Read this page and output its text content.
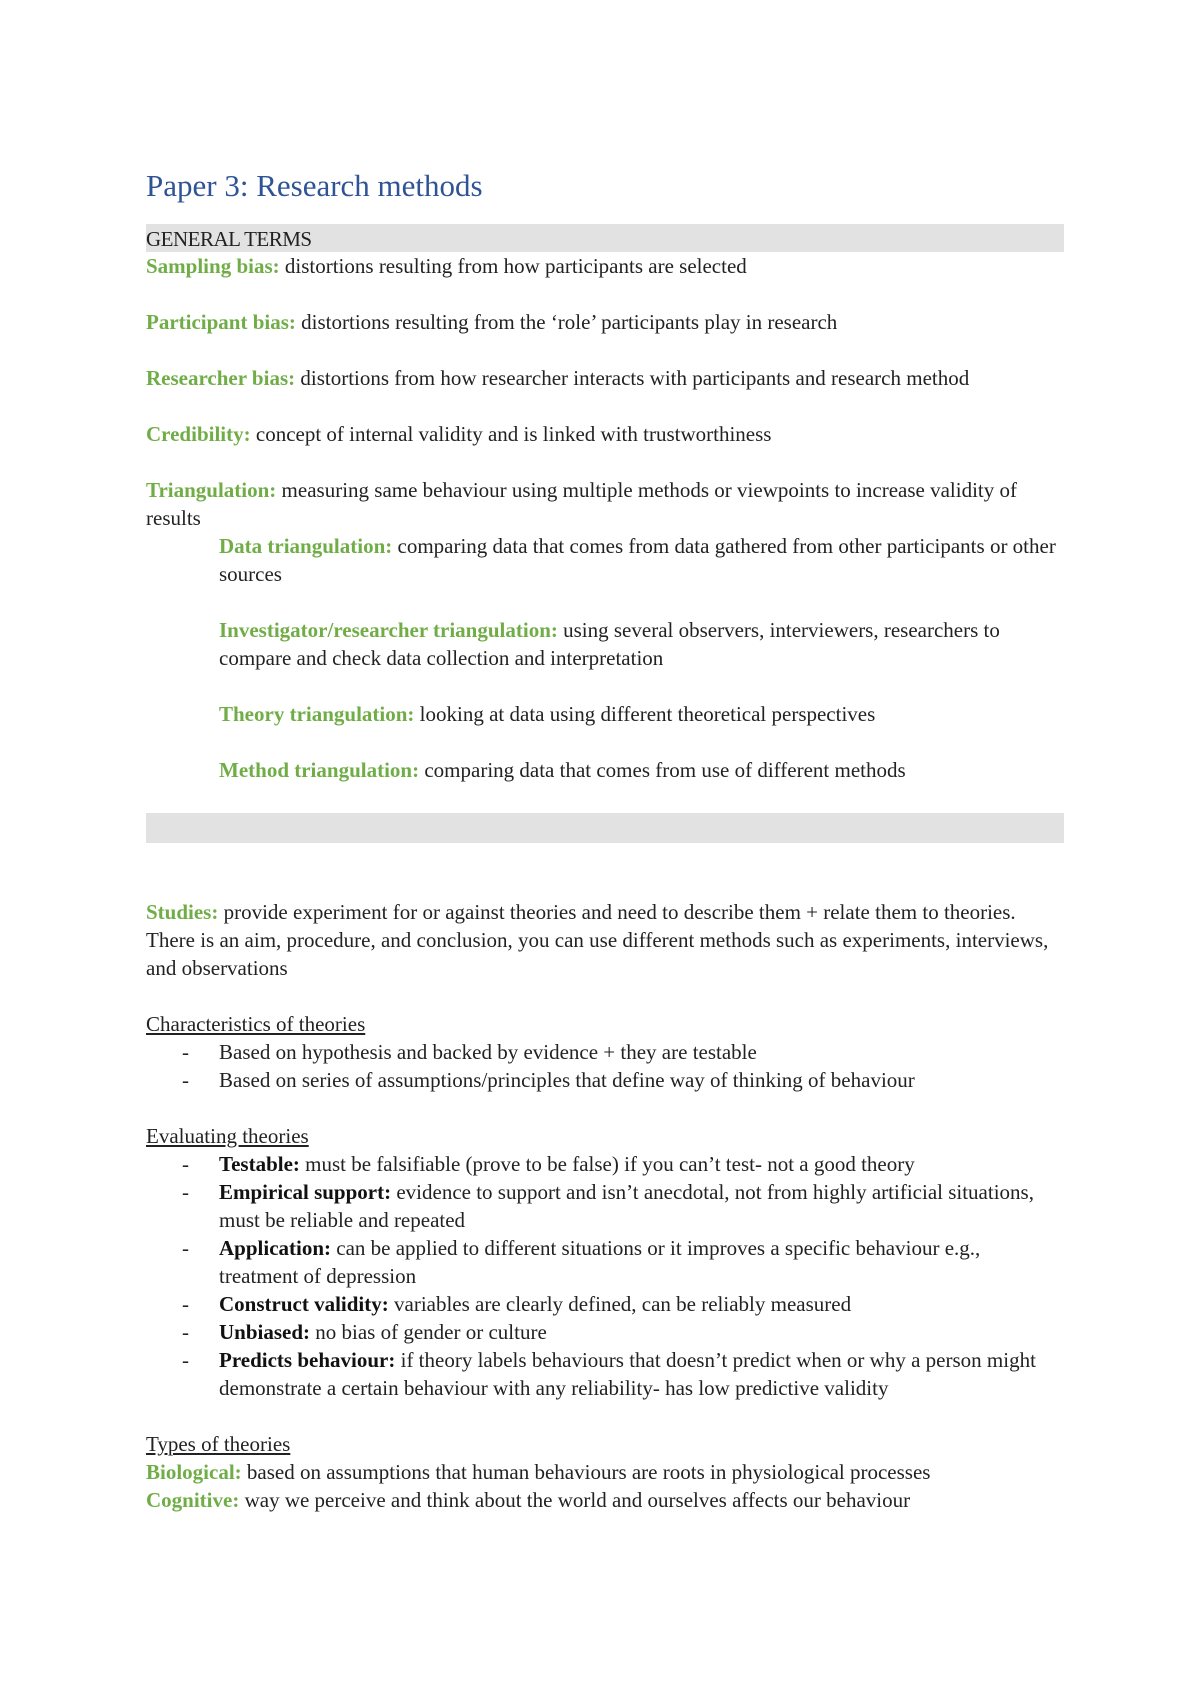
Paper 3: Research methods
GENERAL TERMS

Sampling bias: distortions resulting from how participants are selected

Participant bias: distortions resulting from the ‘role’ participants play in research

Researcher bias: distortions from how researcher interacts with participants and research method

Credibility: concept of internal validity and is linked with trustworthiness

Triangulation: measuring same behaviour using multiple methods or viewpoints to increase validity of results

Data triangulation: comparing data that comes from data gathered from other participants or other sources

Investigator/researcher triangulation: using several observers, interviewers, researchers to compare and check data collection and interpretation

Theory triangulation: looking at data using different theoretical perspectives

Method triangulation: comparing data that comes from use of different methods

Studies: provide experiment for or against theories and need to describe them + relate them to theories. There is an aim, procedure, and conclusion, you can use different methods such as experiments, interviews, and observations

Characteristics of theories

- Based on hypothesis and backed by evidence + they are testable
- Based on series of assumptions/principles that define way of thinking of behaviour

Evaluating theories

- Testable: must be falsifiable (prove to be false) if you can’t test- not a good theory
- Empirical support: evidence to support and isn’t anecdotal, not from highly artificial situations, must be reliable and repeated
- Application: can be applied to different situations or it improves a specific behaviour e.g., treatment of depression
- Construct validity: variables are clearly defined, can be reliably measured
- Unbiased: no bias of gender or culture
- Predicts behaviour: if theory labels behaviours that doesn’t predict when or why a person might demonstrate a certain behaviour with any reliability- has low predictive validity

Types of theories

Biological: based on assumptions that human behaviours are roots in physiological processes

Cognitive: way we perceive and think about the world and ourselves affects our behaviour
